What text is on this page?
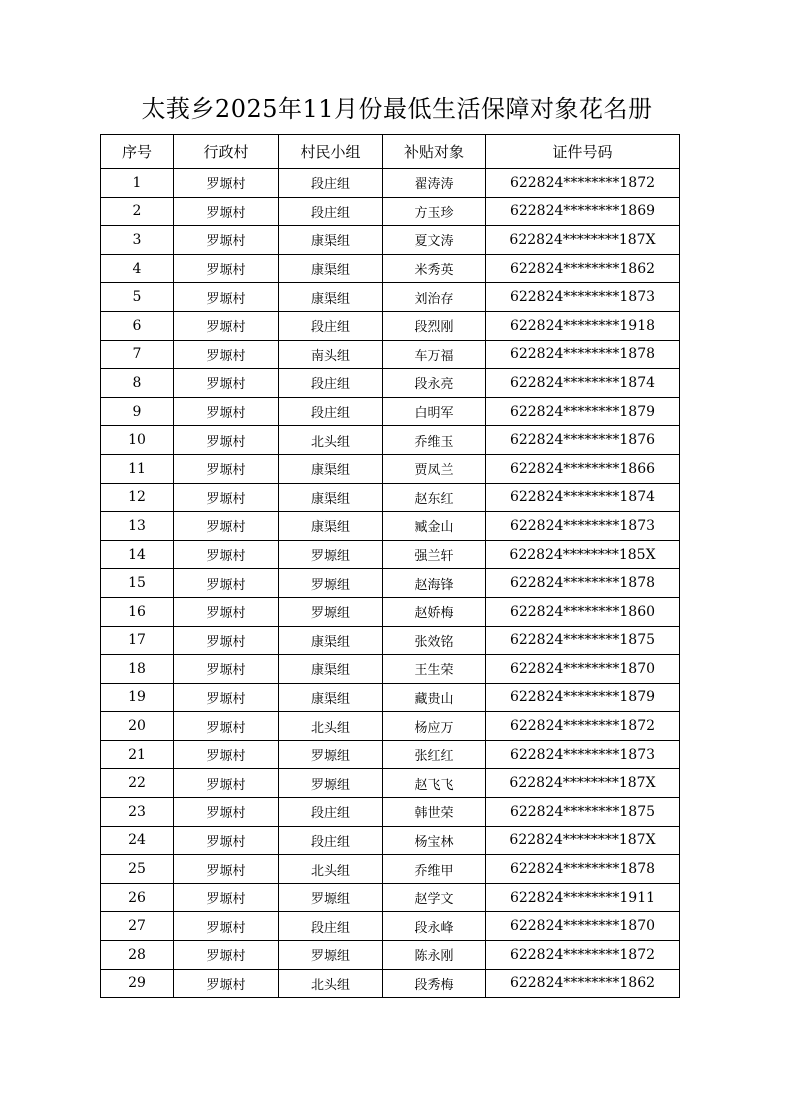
太莪乡2025年11月份最低生活保障对象花名册
序号	行政村	村民小组	补贴对象	证件号码
1	罗塬村	段庄组	翟涛涛	622824********1872
2	罗塬村	段庄组	方玉珍	622824********1869
3	罗塬村	康渠组	夏文涛	622824********187X
4	罗塬村	康渠组	米秀英	622824********1862
5	罗塬村	康渠组	刘治存	622824********1873
6	罗塬村	段庄组	段烈刚	622824********1918
7	罗塬村	南头组	车万福	622824********1878
8	罗塬村	段庄组	段永亮	622824********1874
9	罗塬村	段庄组	白明军	622824********1879
10	罗塬村	北头组	乔维玉	622824********1876
11	罗塬村	康渠组	贾凤兰	622824********1866
12	罗塬村	康渠组	赵东红	622824********1874
13	罗塬村	康渠组	臧金山	622824********1873
14	罗塬村	罗塬组	强兰轩	622824********185X
15	罗塬村	罗塬组	赵海锋	622824********1878
16	罗塬村	罗塬组	赵娇梅	622824********1860
17	罗塬村	康渠组	张效铭	622824********1875
18	罗塬村	康渠组	王生荣	622824********1870
19	罗塬村	康渠组	藏贵山	622824********1879
20	罗塬村	北头组	杨应万	622824********1872
21	罗塬村	罗塬组	张红红	622824********1873
22	罗塬村	罗塬组	赵飞飞	622824********187X
23	罗塬村	段庄组	韩世荣	622824********1875
24	罗塬村	段庄组	杨宝林	622824********187X
25	罗塬村	北头组	乔维甲	622824********1878
26	罗塬村	罗塬组	赵学文	622824********1911
27	罗塬村	段庄组	段永峰	622824********1870
28	罗塬村	罗塬组	陈永刚	622824********1872
29	罗塬村	北头组	段秀梅	622824********1862
